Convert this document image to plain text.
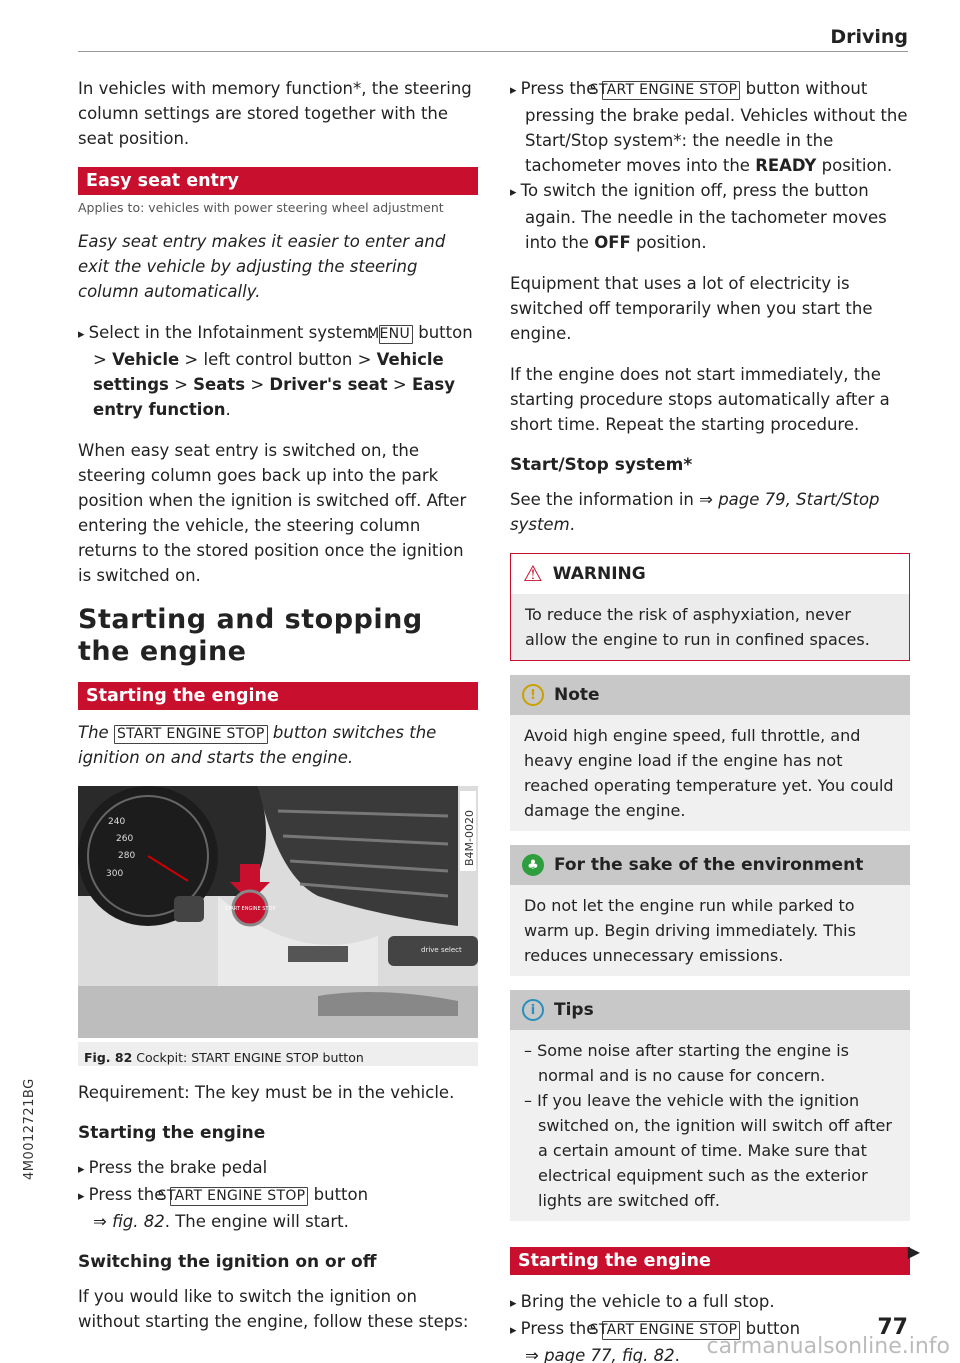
Driving

In vehicles with memory function*, the steering column settings are stored together with the seat position.

Easy seat entry
Applies to: vehicles with power steering wheel adjustment

Easy seat entry makes it easier to enter and exit the vehicle by adjusting the steering column automatically.

▸ Select in the Infotainment system: MENU button > Vehicle > left control button > Vehicle settings > Seats > Driver's seat > Easy entry function.

When easy seat entry is switched on, the steering column goes back up into the park position when the ignition is switched off. After entering the vehicle, the steering column returns to the stored position once the ignition is switched on.

Starting and stopping the engine
Starting the engine

The START ENGINE STOP button switches the ignition on and starts the engine.

240
260
280
300
B4M-0020
START ENGINE STOP
drive select
Fig. 82 Cockpit: START ENGINE STOP button

Requirement: The key must be in the vehicle.

Starting the engine

▸ Press the brake pedal

▸ Press the START ENGINE STOP button
⇒ fig. 82. The engine will start.

Switching the ignition on or off

If you would like to switch the ignition on without starting the engine, follow these steps:

▸ Press the START ENGINE STOP button without pressing the brake pedal. Vehicles without the Start/Stop system*: the needle in the tachometer moves into the READY position.

▸ To switch the ignition off, press the button again. The needle in the tachometer moves into the OFF position.

Equipment that uses a lot of electricity is switched off temporarily when you start the engine.

If the engine does not start immediately, the starting procedure stops automatically after a short time. Repeat the starting procedure.

Start/Stop system*

See the information in ⇒ page 79, Start/Stop system.

⚠ WARNING
To reduce the risk of asphyxiation, never allow the engine to run in confined spaces.
!	Note
Avoid high engine speed, full throttle, and heavy engine load if the engine has not reached operating temperature yet. You could damage the engine.
♣ For the sake of the environment
Do not let the engine run while parked to warm up. Begin driving immediately. This reduces unnecessary emissions.
i	Tips

– Some noise after starting the engine is normal and is no cause for concern.

– If you leave the vehicle with the ignition switched on, the ignition will switch off after a certain amount of time. Make sure that electrical equipment such as the exterior lights are switched off.

Starting the engine

▸ Bring the vehicle to a full stop.

▸ Press the START ENGINE STOP button
⇒ page 77, fig. 82.

▶
77
4M0012721BG
carmanualsonline.info
